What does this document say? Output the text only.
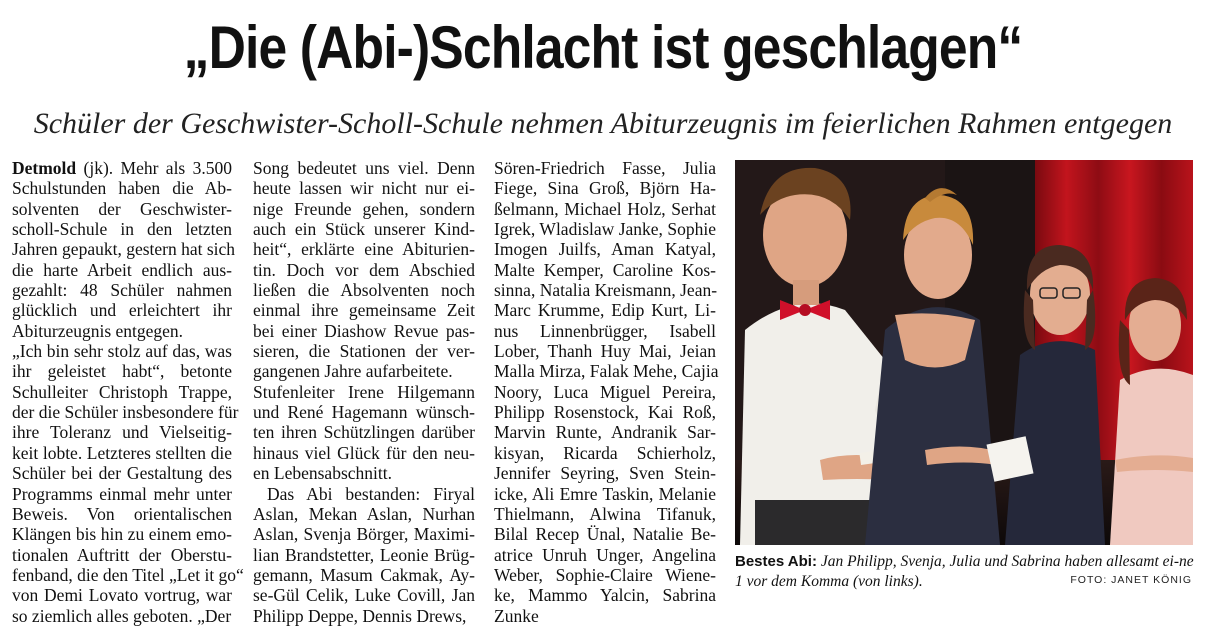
„Die (Abi-)Schlacht ist geschlagen“
Schüler der Geschwister-Scholl-Schule nehmen Abiturzeugnis im feierlichen Rahmen entgegen
Detmold (jk). Mehr als 3.500
Schulstunden haben die Ab-
solventen der Geschwister-
scholl-Schule in den letzten
Jahren gepaukt, gestern hat sich
die harte Arbeit endlich aus-
gezahlt: 48 Schüler nahmen
glücklich und erleichtert ihr
Abiturzeugnis entgegen.
„Ich bin sehr stolz auf das, was
ihr geleistet habt“, betonte
Schulleiter Christoph Trappe,
der die Schüler insbesondere für
ihre Toleranz und Vielseitig-
keit lobte. Letzteres stellten die
Schüler bei der Gestaltung des
Programms einmal mehr unter
Beweis. Von orientalischen
Klängen bis hin zu einem emo-
tionalen Auftritt der Oberstu-
fenband, die den Titel „Let it go“
von Demi Lovato vortrug, war
so ziemlich alles geboten. „Der
Song bedeutet uns viel. Denn
heute lassen wir nicht nur ei-
nige Freunde gehen, sondern
auch ein Stück unserer Kind-
heit“, erklärte eine Abiturien-
tin. Doch vor dem Abschied
ließen die Absolventen noch
einmal ihre gemeinsame Zeit
bei einer Diashow Revue pas-
sieren, die Stationen der ver-
gangenen Jahre aufarbeitete.
Stufenleiter Irene Hilgemann
und René Hagemann wünsch-
ten ihren Schützlingen darüber
hinaus viel Glück für den neu-
en Lebensabschnitt.
Das Abi bestanden: Firyal
Aslan, Mekan Aslan, Nurhan
Aslan, Svenja Börger, Maximi-
lian Brandstetter, Leonie Brüg-
gemann, Masum Cakmak, Ay-
se-Gül Celik, Luke Covill, Jan
Philipp Deppe, Dennis Drews,
Sören-Friedrich Fasse, Julia
Fiege, Sina Groß, Björn Ha-
ßelmann, Michael Holz, Serhat
Igrek, Wladislaw Janke, Sophie
Imogen Juilfs, Aman Katyal,
Malte Kemper, Caroline Kos-
sinna, Natalia Kreismann, Jean-
Marc Krumme, Edip Kurt, Li-
nus Linnenbrügger, Isabell
Lober, Thanh Huy Mai, Jeian
Malla Mirza, Falak Mehe, Cajia
Noory, Luca Miguel Pereira,
Philipp Rosenstock, Kai Roß,
Marvin Runte, Andranik Sar-
kisyan, Ricarda Schierholz,
Jennifer Seyring, Sven Stein-
icke, Ali Emre Taskin, Melanie
Thielmann, Alwina Tifanuk,
Bilal Recep Ünal, Natalie Be-
atrice Unruh Unger, Angelina
Weber, Sophie-Claire Wiene-
ke, Mammo Yalcin, Sabrina
Zunke
Bestes Abi: Jan Philipp, Svenja, Julia und Sabrina haben allesamt ei-ne 1 vor dem Komma (von links).	FOTO: JANET KÖNIG
